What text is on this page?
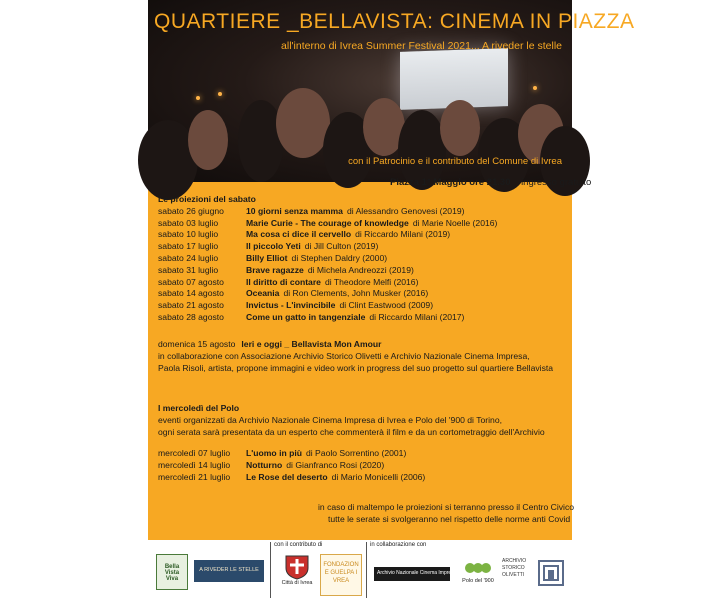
QUARTIERE _BELLAVISTA: CINEMA IN PIAZZA

all'interno di Ivrea Summer Festival 2021... A riveder le stelle

con il Patrocinio e il contributo del Comune di Ivrea

Piazza 1° Maggio ore 21.30 ingresso gratuito

Le proiezioni del sabato
sabato 26 giugno	10 giorni senza mamma di Alessandro Genovesi (2019)
sabato 03 luglio	Marie Curie - The courage of knowledge di Marie Noelle (2016)
sabato 10 luglio	Ma cosa ci dice il cervello di Riccardo Milani (2019)
sabato 17 luglio	Il piccolo Yeti di Jill Culton (2019)
sabato 24 luglio	Billy Elliot di Stephen Daldry (2000)
sabato 31 luglio	Brave ragazze di Michela Andreozzi (2019)
sabato 07 agosto	Il diritto di contare di Theodore Melfi (2016)
sabato 14 agosto	Oceania di Ron Clements, John Musker (2016)
sabato 21 agosto	Invictus - L'invincibile di Clint Eastwood (2009)
sabato 28 agosto	Come un gatto in tangenziale di Riccardo Milani (2017)
domenica 15 agosto Ieri e oggi _ Bellavista Mon Amour
in collaborazione con Associazione Archivio Storico Olivetti e Archivio Nazionale Cinema Impresa,
Paola Risoli, artista, propone immagini e video work in progress del suo progetto sul quartiere Bellavista
I mercoledì del Polo
eventi organizzati da Archivio Nazionale Cinema Impresa di Ivrea e Polo del '900 di Torino,
ogni serata sarà presentata da un esperto che commenterà il film e da un cortometraggio dell'Archivio
mercoledì 07 luglio	L'uomo in più di Paolo Sorrentino (2001)
mercoledì 14 luglio	Notturno di Gianfranco Rosi (2020)
mercoledì 21 luglio	Le Rose del deserto di Mario Monicelli (2006)

in caso di maltempo le proiezioni si terranno presso il Centro Civico

tutte le serate si svolgeranno nel rispetto delle norme anti Covid

con il contributo di	in collaborazione con

Bella Vista Viva
A RIVEDER LE STELLE
Città di Ivrea
FONDAZIONE GUELPA IVREA
Archivio Nazionale Cinema Impresa
Polo del '900
ARCHIVIO STORICO OLIVETTI
